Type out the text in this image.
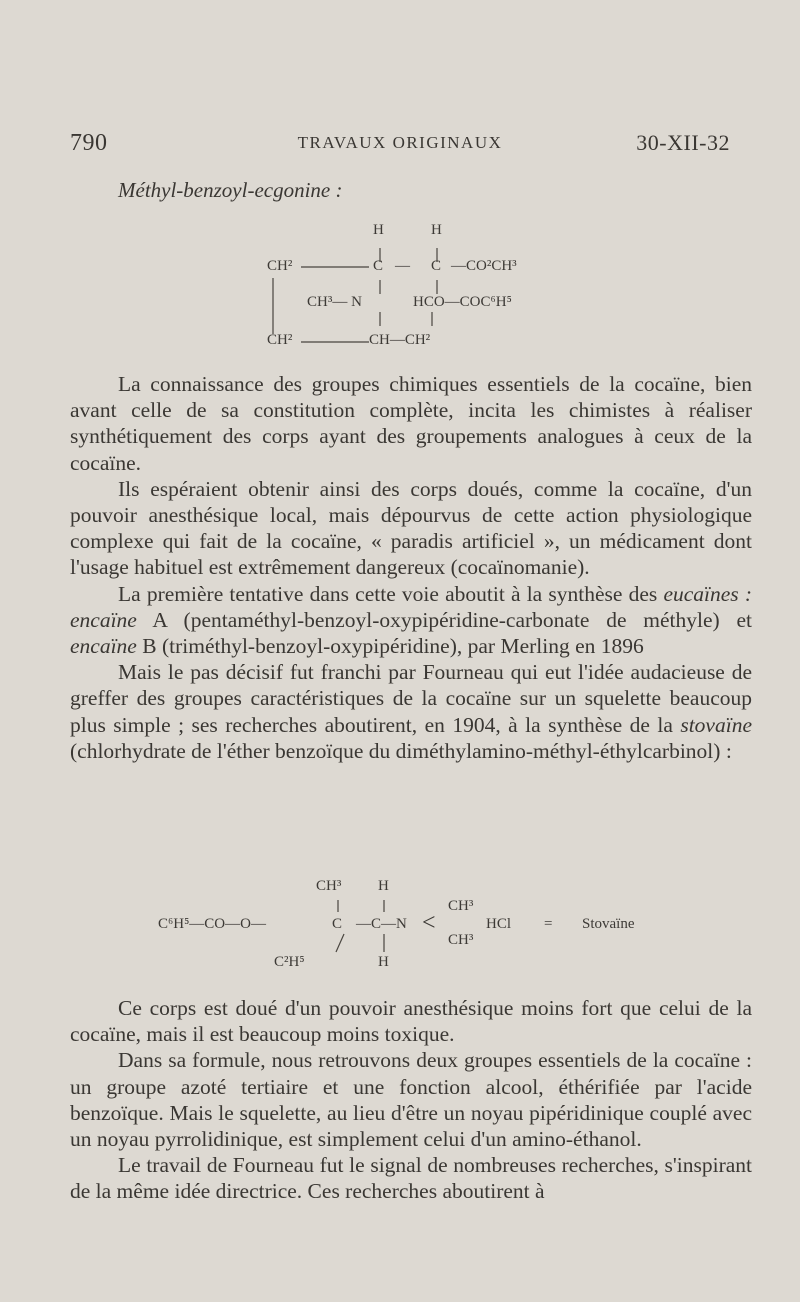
790	TRAVAUX ORIGINAUX	30-XII-32
Méthyl-benzoyl-ecgonine :
H	H
CH²	C — C —CO²CH³
CH³— N	HCO—COC⁶H⁵
CH²	CH—CH²

La connaissance des groupes chimiques essentiels de la cocaïne, bien avant celle de sa constitution complète, incita les chimistes à réaliser synthétiquement des corps ayant des groupements analogues à ceux de la cocaïne.

Ils espéraient obtenir ainsi des corps doués, comme la cocaïne, d'un pouvoir anesthésique local, mais dépourvus de cette action physiologique complexe qui fait de la cocaïne, « paradis artificiel », un médicament dont l'usage habituel est extrêmement dangereux (cocaïnomanie).

La première tentative dans cette voie aboutit à la synthèse des eucaïnes : encaïne A (pentaméthyl-benzoyl-oxypipéridine-carbonate de méthyle) et encaïne B (triméthyl-benzoyl-oxypipéridine), par Merling en 1896

Mais le pas décisif fut franchi par Fourneau qui eut l'idée audacieuse de greffer des groupes caractéristiques de la cocaïne sur un squelette beaucoup plus simple ; ses recherches aboutirent, en 1904, à la synthèse de la stovaïne (chlorhydrate de l'éther benzoïque du diméthylamino-méthyl-éthylcarbinol) :

CH³ H
C⁶H⁵—CO—O—	C —C—N <
CH³
CH³
HCl = Stovaïne
C²H⁵	H

Ce corps est doué d'un pouvoir anesthésique moins fort que celui de la cocaïne, mais il est beaucoup moins toxique.

Dans sa formule, nous retrouvons deux groupes essentiels de la cocaïne : un groupe azoté tertiaire et une fonction alcool, éthérifiée par l'acide benzoïque. Mais le squelette, au lieu d'être un noyau pipéridinique couplé avec un noyau pyrrolidinique, est simplement celui d'un amino-éthanol.

Le travail de Fourneau fut le signal de nombreuses recherches, s'inspirant de la même idée directrice. Ces recherches aboutirent à
